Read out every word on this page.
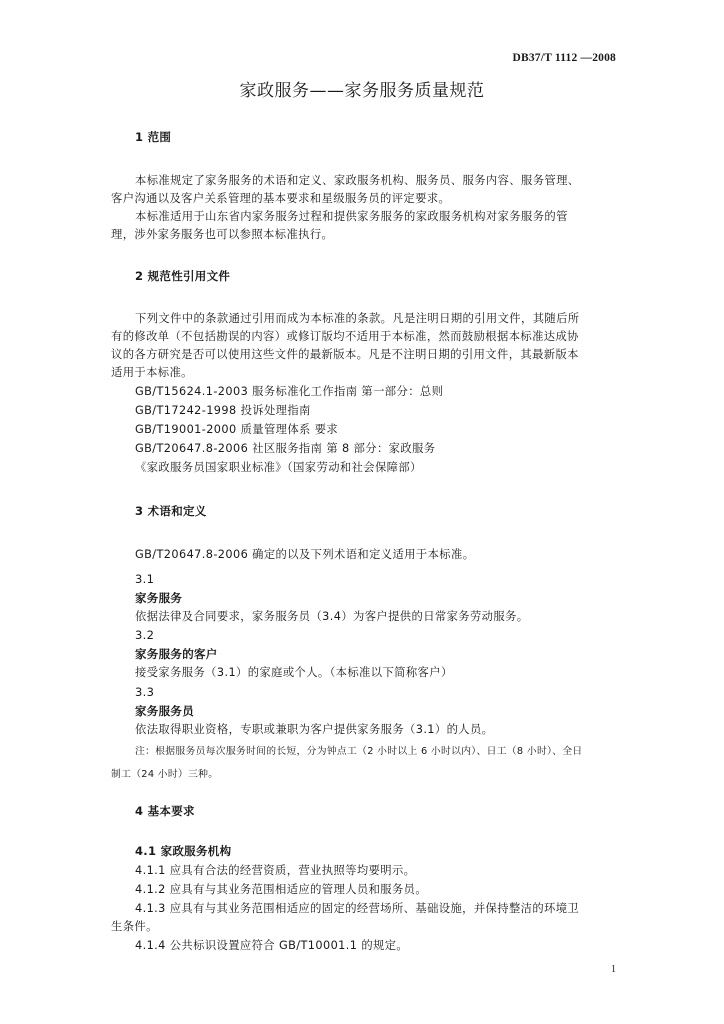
DB37/T 1112 —2008
家政服务——家务服务质量规范
1 范围
本标准规定了家务服务的术语和定义、家政服务机构、服务员、服务内容、服务管理、
客户沟通以及客户关系管理的基本要求和星级服务员的评定要求。
本标准适用于山东省内家务服务过程和提供家务服务的家政服务机构对家务服务的管
理，涉外家务服务也可以参照本标准执行。
2 规范性引用文件
下列文件中的条款通过引用而成为本标准的条款。凡是注明日期的引用文件，其随后所
有的修改单（不包括勘误的内容）或修订版均不适用于本标准，然而鼓励根据本标准达成协
议的各方研究是否可以使用这些文件的最新版本。凡是不注明日期的引用文件，其最新版本
适用于本标准。
GB/T15624.1-2003 服务标准化工作指南 第一部分：总则
GB/T17242-1998 投诉处理指南
GB/T19001-2000 质量管理体系 要求
GB/T20647.8-2006 社区服务指南 第 8 部分：家政服务
《家政服务员国家职业标准》（国家劳动和社会保障部）
3 术语和定义
GB/T20647.8-2006 确定的以及下列术语和定义适用于本标准。
3.1
家务服务
依据法律及合同要求，家务服务员（3.4）为客户提供的日常家务劳动服务。
3.2
家务服务的客户
接受家务服务（3.1）的家庭或个人。（本标准以下简称客户）
3.3
家务服务员
依法取得职业资格，专职或兼职为客户提供家务服务（3.1）的人员。
注：根据服务员每次服务时间的长短，分为钟点工（2 小时以上 6 小时以内）、日工（8 小时）、全日
制工（24 小时）三种。
4 基本要求
4.1 家政服务机构
4.1.1 应具有合法的经营资质，营业执照等均要明示。
4.1.2 应具有与其业务范围相适应的管理人员和服务员。
4.1.3 应具有与其业务范围相适应的固定的经营场所、基础设施，并保持整洁的环境卫
生条件。
4.1.4 公共标识设置应符合 GB/T10001.1 的规定。
1
